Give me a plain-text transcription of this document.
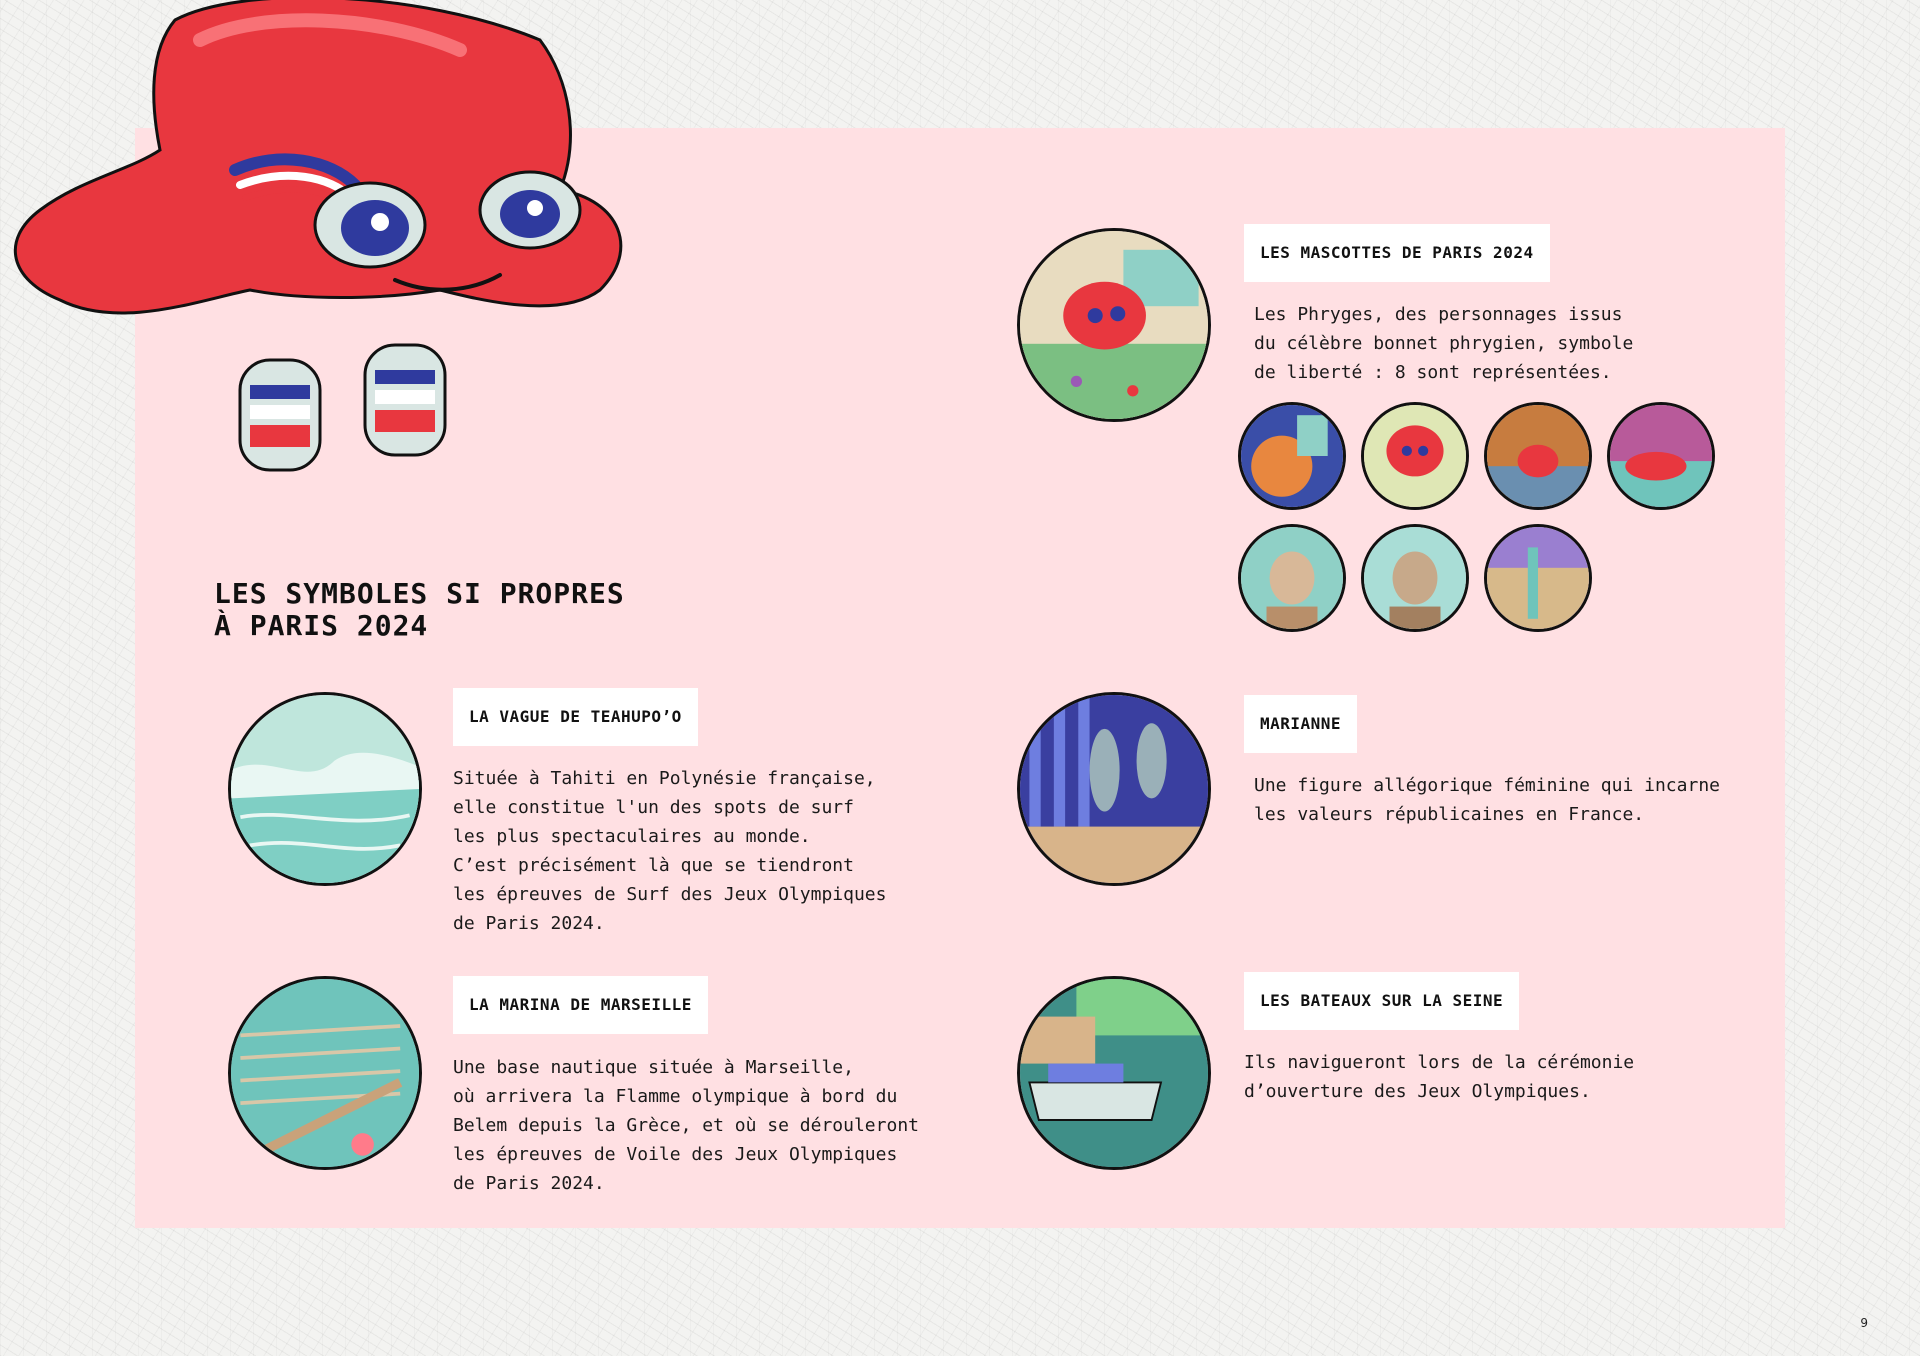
LES SYMBOLES SI PROPRES
À PARIS 2024
LA VAGUE DE TEAHUPO’O

Située à Tahiti en Polynésie française,
elle constitue l'un des spots de surf
les plus spectaculaires au monde.
C’est précisément là que se tiendront
les épreuves de Surf des Jeux Olympiques
de Paris 2024.

LA MARINA DE MARSEILLE

Une base nautique située à Marseille,
où arrivera la Flamme olympique à bord du
Belem depuis la Grèce, et où se dérouleront
les épreuves de Voile des Jeux Olympiques
de Paris 2024.

LES MASCOTTES DE PARIS 2024

Les Phryges, des personnages issus
du célèbre bonnet phrygien, symbole
de liberté : 8 sont représentées.

MARIANNE

Une figure allégorique féminine qui incarne
les valeurs républicaines en France.

LES BATEAUX SUR LA SEINE

Ils navigueront lors de la cérémonie
d’ouverture des Jeux Olympiques.

9
